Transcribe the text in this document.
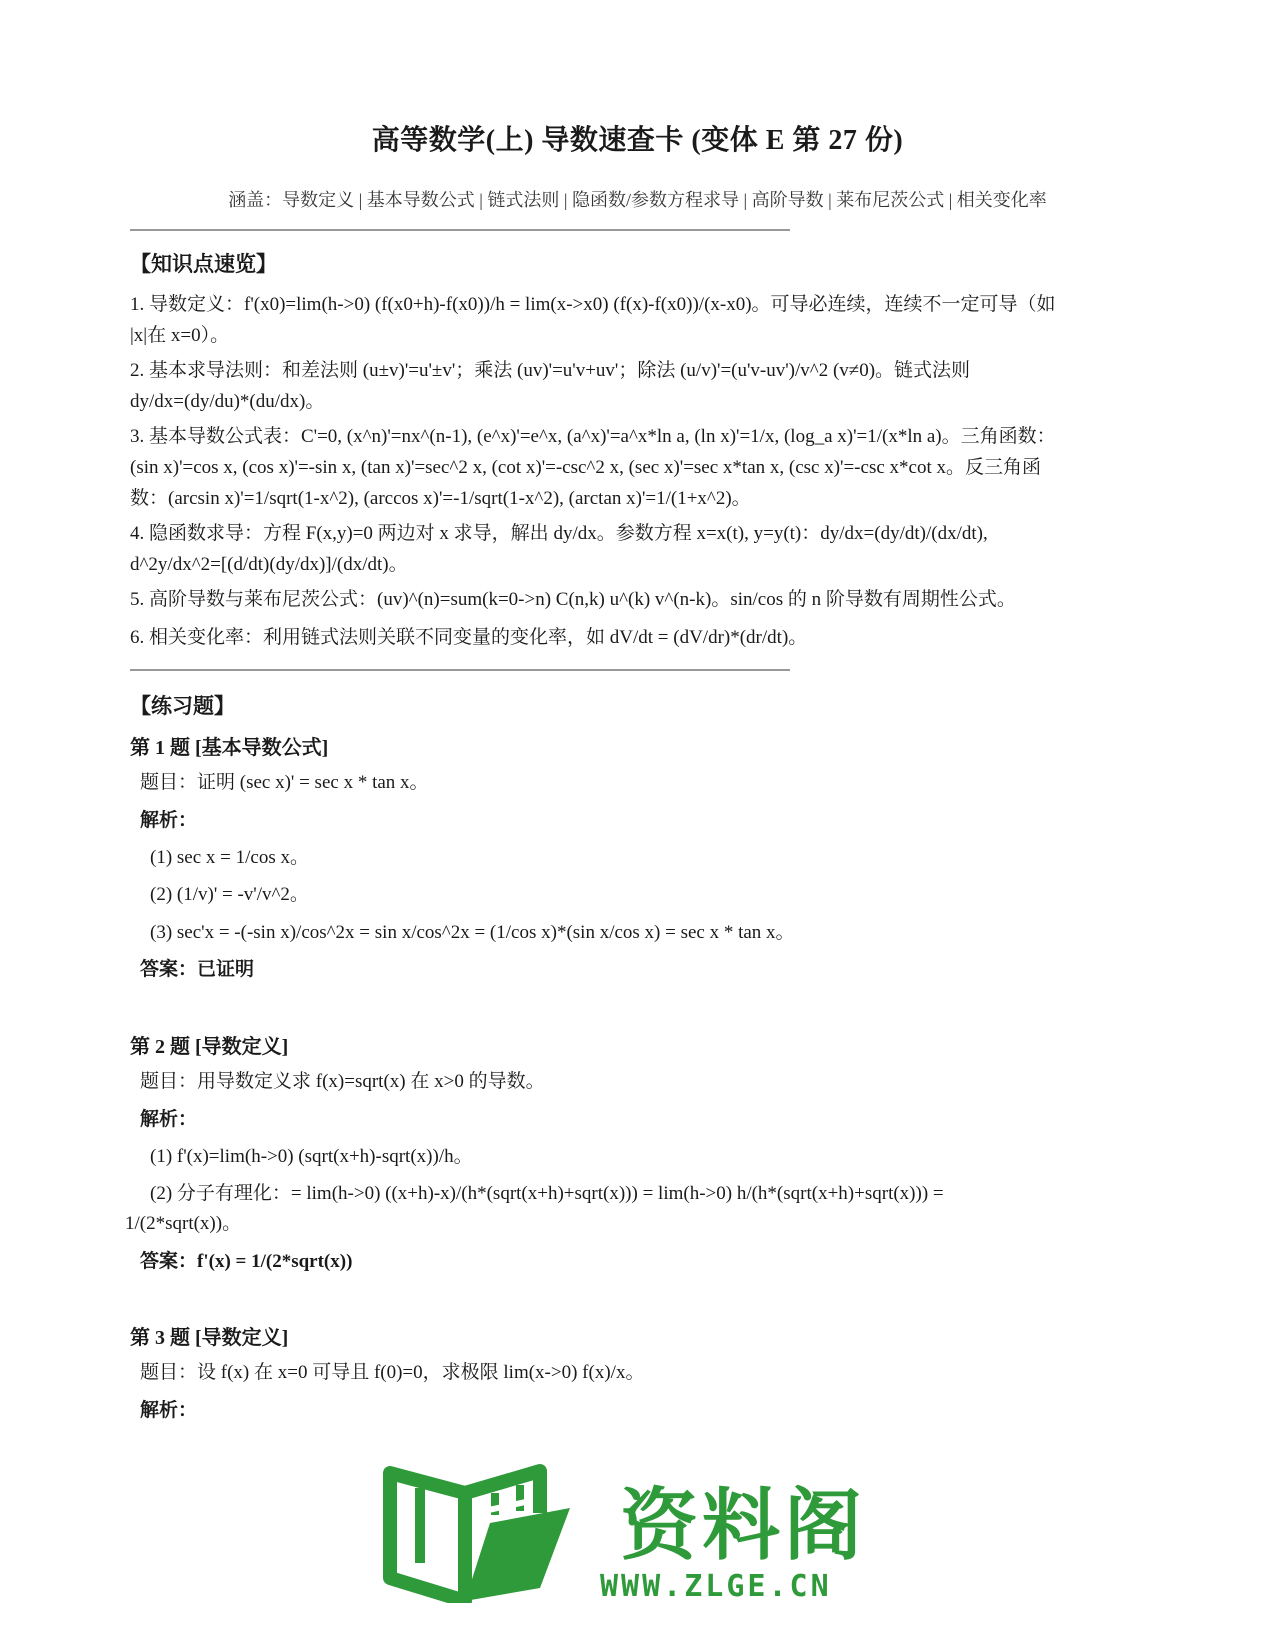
高等数学(上) 导数速查卡 (变体 E 第 27 份)
涵盖：导数定义 | 基本导数公式 | 链式法则 | 隐函数/参数方程求导 | 高阶导数 | 莱布尼茨公式 | 相关变化率
【知识点速览】
1. 导数定义：f'(x0)=lim(h->0) (f(x0+h)-f(x0))/h = lim(x->x0) (f(x)-f(x0))/(x-x0)。可导必连续，连续不一定可导（如
|x|在 x=0）。
2. 基本求导法则：和差法则 (u±v)'=u'±v'；乘法 (uv)'=u'v+uv'；除法 (u/v)'=(u'v-uv')/v^2 (v≠0)。链式法则
dy/dx=(dy/du)*(du/dx)。
3. 基本导数公式表：C'=0, (x^n)'=nx^(n-1), (e^x)'=e^x, (a^x)'=a^x*ln a, (ln x)'=1/x, (log_a x)'=1/(x*ln a)。三角函数：
(sin x)'=cos x, (cos x)'=-sin x, (tan x)'=sec^2 x, (cot x)'=-csc^2 x, (sec x)'=sec x*tan x, (csc x)'=-csc x*cot x。反三角函
数：(arcsin x)'=1/sqrt(1-x^2), (arccos x)'=-1/sqrt(1-x^2), (arctan x)'=1/(1+x^2)。
4. 隐函数求导：方程 F(x,y)=0 两边对 x 求导，解出 dy/dx。参数方程 x=x(t), y=y(t)：dy/dx=(dy/dt)/(dx/dt),
d^2y/dx^2=[(d/dt)(dy/dx)]/(dx/dt)。
5. 高阶导数与莱布尼茨公式：(uv)^(n)=sum(k=0->n) C(n,k) u^(k) v^(n-k)。sin/cos 的 n 阶导数有周期性公式。
6. 相关变化率：利用链式法则关联不同变量的变化率，如 dV/dt = (dV/dr)*(dr/dt)。
【练习题】
第 1 题 [基本导数公式]
题目：证明 (sec x)' = sec x * tan x。
解析：
(1) sec x = 1/cos x。
(2) (1/v)' = -v'/v^2。
(3) sec'x = -(-sin x)/cos^2x = sin x/cos^2x = (1/cos x)*(sin x/cos x) = sec x * tan x。
答案：已证明
第 2 题 [导数定义]
题目：用导数定义求 f(x)=sqrt(x) 在 x>0 的导数。
解析：
(1) f'(x)=lim(h->0) (sqrt(x+h)-sqrt(x))/h。
(2) 分子有理化：= lim(h->0) ((x+h)-x)/(h*(sqrt(x+h)+sqrt(x))) = lim(h->0) h/(h*(sqrt(x+h)+sqrt(x))) =
1/(2*sqrt(x))。
答案：f'(x) = 1/(2*sqrt(x))
第 3 题 [导数定义]
题目：设 f(x) 在 x=0 可导且 f(0)=0，求极限 lim(x->0) f(x)/x。
解析：
资料阁
WWW.ZLGE.CN
